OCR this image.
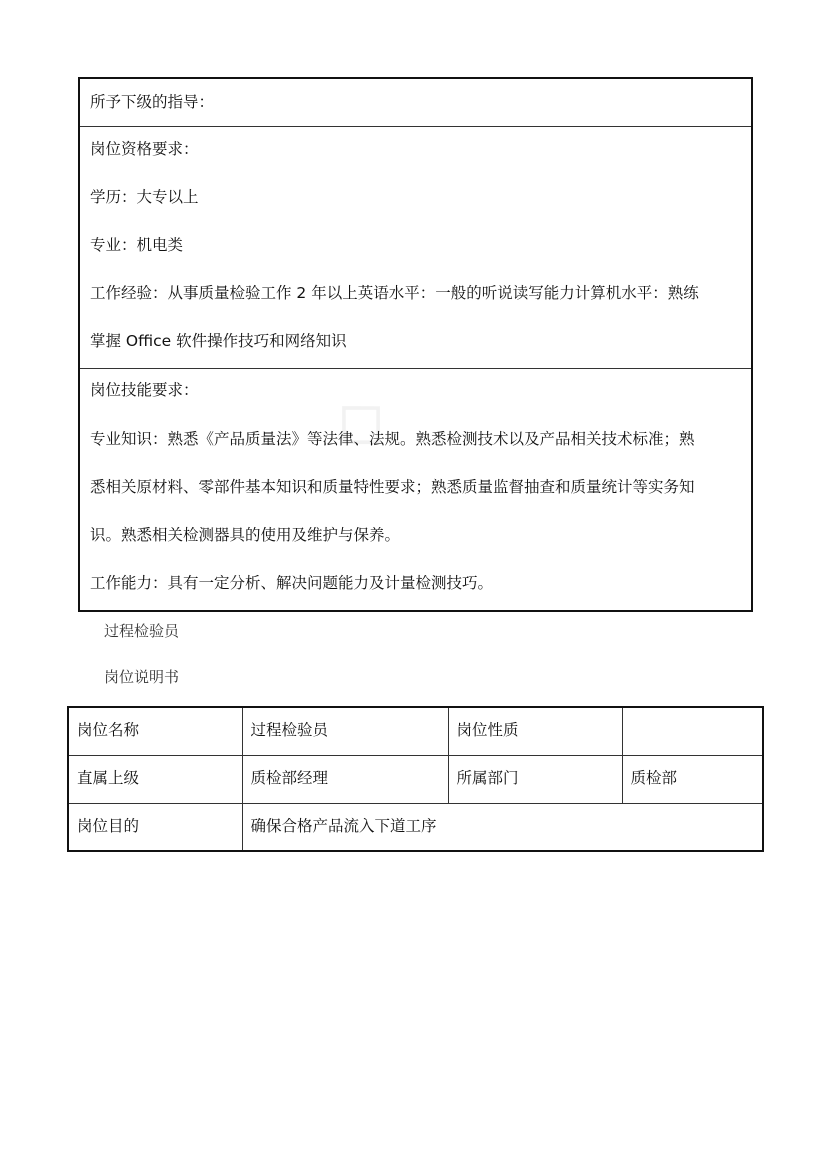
◇
所予下级的指导：
岗位资格要求：
学历：大专以上
专业：机电类
工作经验：从事质量检验工作 2 年以上英语水平：一般的听说读写能力计算机水平：熟练
掌握 Office 软件操作技巧和网络知识
岗位技能要求：
专业知识：熟悉《产品质量法》等法律、法规。熟悉检测技术以及产品相关技术标准；熟
悉相关原材料、零部件基本知识和质量特性要求；熟悉质量监督抽查和质量统计等实务知
识。熟悉相关检测器具的使用及维护与保养。
工作能力：具有一定分析、解决问题能力及计量检测技巧。
过程检验员
岗位说明书
岗位名称	过程检验员	岗位性质	
直属上级	质检部经理	所属部门	质检部
岗位目的	确保合格产品流入下道工序		
